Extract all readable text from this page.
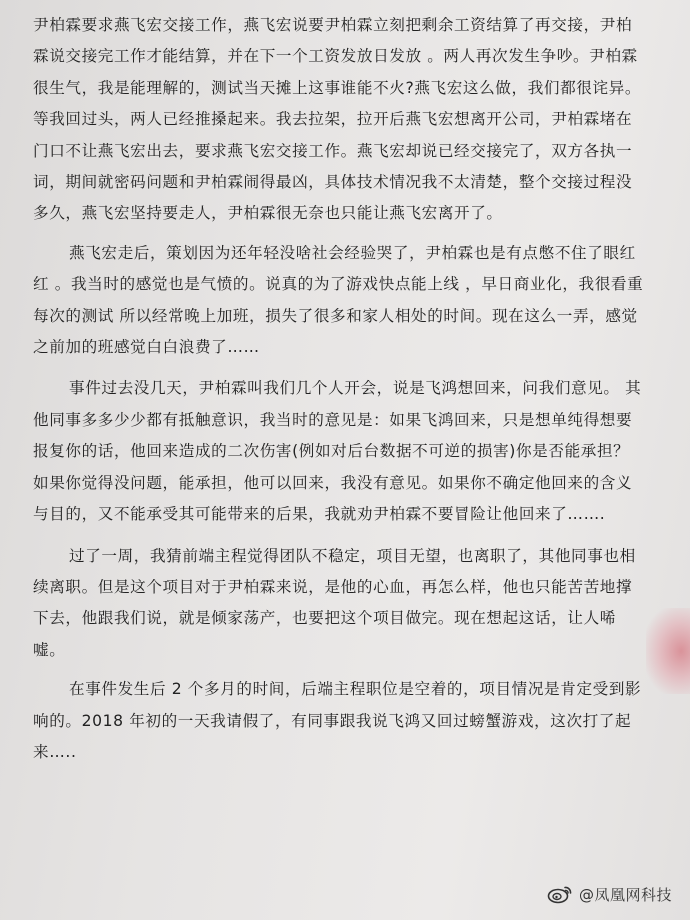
尹柏霖要求燕飞宏交接工作，燕飞宏说要尹柏霖立刻把剩余工资结算了再交接，尹柏霖说交接完工作才能结算，并在下一个工资发放日发放 。两人再次发生争吵。尹柏霖很生气，我是能理解的，测试当天摊上这事谁能不火?燕飞宏这么做，我们都很诧异。等我回过头，两人已经推搡起来。我去拉架，拉开后燕飞宏想离开公司，尹柏霖堵在门口不让燕飞宏出去，要求燕飞宏交接工作。燕飞宏却说已经交接完了，双方各执一词，期间就密码问题和尹柏霖闹得最凶，具体技术情况我不太清楚，整个交接过程没多久，燕飞宏坚持要走人，尹柏霖很无奈也只能让燕飞宏离开了。

燕飞宏走后，策划因为还年轻没啥社会经验哭了，尹柏霖也是有点憋不住了眼红红 。我当时的感觉也是气愤的。说真的为了游戏快点能上线 ，早日商业化，我很看重每次的测试 所以经常晚上加班，损失了很多和家人相处的时间。现在这么一弄，感觉之前加的班感觉白白浪费了……

事件过去没几天，尹柏霖叫我们几个人开会，说是飞鸿想回来，问我们意见。 其他同事多多少少都有抵触意识，我当时的意见是：如果飞鸿回来，只是想单纯得想要报复你的话，他回来造成的二次伤害(例如对后台数据不可逆的损害)你是否能承担？如果你觉得没问题，能承担，他可以回来，我没有意见。如果你不确定他回来的含义与目的，又不能承受其可能带来的后果，我就劝尹柏霖不要冒险让他回来了…….

过了一周，我猜前端主程觉得团队不稳定，项目无望，也离职了，其他同事也相续离职。但是这个项目对于尹柏霖来说，是他的心血，再怎么样，他也只能苦苦地撑下去，他跟我们说，就是倾家荡产，也要把这个项目做完。现在想起这话，让人唏嘘。

在事件发生后 2 个多月的时间，后端主程职位是空着的，项目情况是肯定受到影响的。2018 年初的一天我请假了，有同事跟我说飞鸿又回过螃蟹游戏，这次打了起来…..

@凤凰网科技
